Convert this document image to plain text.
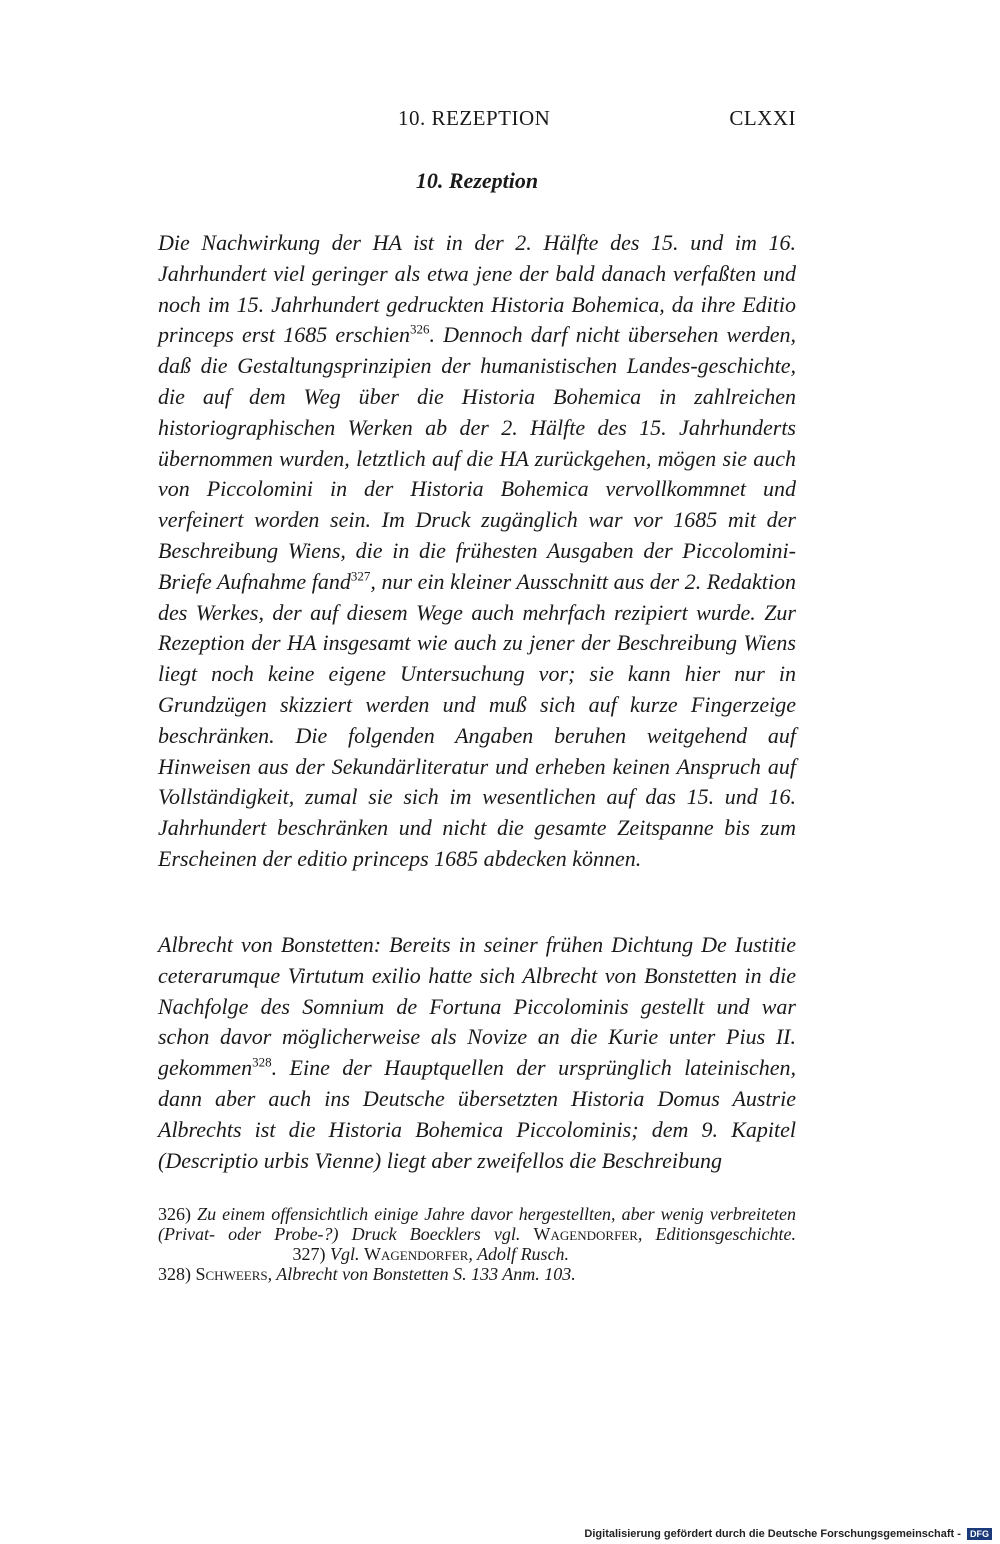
10. REZEPTION	CLXXI
10. Rezeption

Die Nachwirkung der HA ist in der 2. Hälfte des 15. und im 16. Jahrhundert viel geringer als etwa jene der bald danach verfaßten und noch im 15. Jahrhundert gedruckten Historia Bohemica, da ihre Editio princeps erst 1685 erschien$^{326}$. Dennoch darf nicht übersehen werden, daß die Gestaltungsprinzipien der humanistischen Landes-geschichte, die auf dem Weg über die Historia Bohemica in zahlreichen historiographischen Werken ab der 2. Hälfte des 15. Jahrhunderts übernommen wurden, letztlich auf die HA zurückgehen, mögen sie auch von Piccolomini in der Historia Bohemica vervollkommnet und verfeinert worden sein. Im Druck zugänglich war vor 1685 mit der Beschreibung Wiens, die in die frühesten Ausgaben der Piccolomini-Briefe Aufnahme fand$^{327}$, nur ein kleiner Ausschnitt aus der 2. Redaktion des Werkes, der auf diesem Wege auch mehrfach rezipiert wurde. Zur Rezeption der HA insgesamt wie auch zu jener der Beschreibung Wiens liegt noch keine eigene Untersuchung vor; sie kann hier nur in Grundzügen skizziert werden und muß sich auf kurze Fingerzeige beschränken. Die folgenden Angaben beruhen weitgehend auf Hinweisen aus der Sekundärliteratur und erheben keinen Anspruch auf Vollständigkeit, zumal sie sich im wesentlichen auf das 15. und 16. Jahrhundert beschränken und nicht die gesamte Zeitspanne bis zum Erscheinen der editio princeps 1685 abdecken können.

Albrecht von Bonstetten: Bereits in seiner frühen Dichtung De Iustitie ceterarumque Virtutum exilio hatte sich Albrecht von Bonstetten in die Nachfolge des Somnium de Fortuna Piccolominis gestellt und war schon davor möglicherweise als Novize an die Kurie unter Pius II. gekommen$^{328}$. Eine der Hauptquellen der ursprünglich lateinischen, dann aber auch ins Deutsche übersetzten Historia Domus Austrie Albrechts ist die Historia Bohemica Piccolominis; dem 9. Kapitel (Descriptio urbis Vienne) liegt aber zweifellos die Beschreibung

326) Zu einem offensichtlich einige Jahre davor hergestellten, aber wenig verbreiteten (Privat- oder Probe-?) Druck Boecklers vgl. Wagendorfer, Editionsgeschichte.  327) Vgl. Wagendorfer, Adolf Rusch.
328) Schweers, Albrecht von Bonstetten S. 133 Anm. 103.
Digitalisierung gefördert durch die Deutsche Forschungsgemeinschaft - DFG
